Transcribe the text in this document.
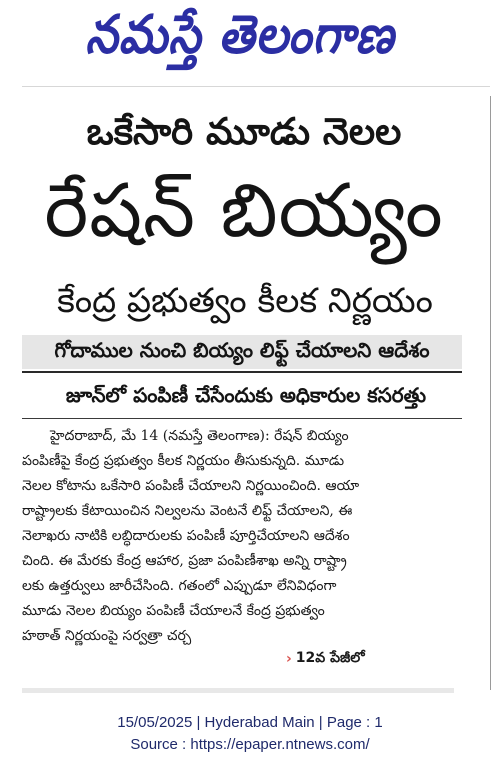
నమస్తే తెలంగాణ
ఒకేసారి మూడు నెలల
రేషన్ బియ్యం
కేంద్ర ప్రభుత్వం కీలక నిర్ణయం
గోదాముల నుంచి బియ్యం లిఫ్ట్ చేయాలని ఆదేశం
జూన్‌లో పంపిణీ చేసేందుకు అధికారుల కసరత్తు
హైదరాబాద్, మే 14 (నమస్తే తెలంగాణ): రేషన్ బియ్యం
పంపిణీపై కేంద్ర ప్రభుత్వం కీలక నిర్ణయం తీసుకున్నది. మూడు
నెలల కోటాను ఒకేసారి పంపిణీ చేయాలని నిర్ణయించింది. ఆయా
రాష్ట్రాలకు కేటాయించిన నిల్వలను వెంటనే లిఫ్ట్ చేయాలని, ఈ
నెలాఖరు నాటికి లబ్ధిదారులకు పంపిణీ పూర్తిచేయాలని ఆదేశం
చింది. ఈ మేరకు కేంద్ర ఆహార, ప్రజా పంపిణీశాఖ అన్ని రాష్ట్రా
లకు ఉత్తర్వులు జారీచేసింది. గతంలో ఎప్పుడూ లేనివిధంగా
మూడు నెలల బియ్యం పంపిణీ చేయాలనే కేంద్ర ప్రభుత్వం
హఠాత్ నిర్ణయంపై సర్వత్రా చర్చ
› 12వ పేజీలో
15/05/2025 | Hyderabad Main | Page : 1
Source : https://epaper.ntnews.com/
